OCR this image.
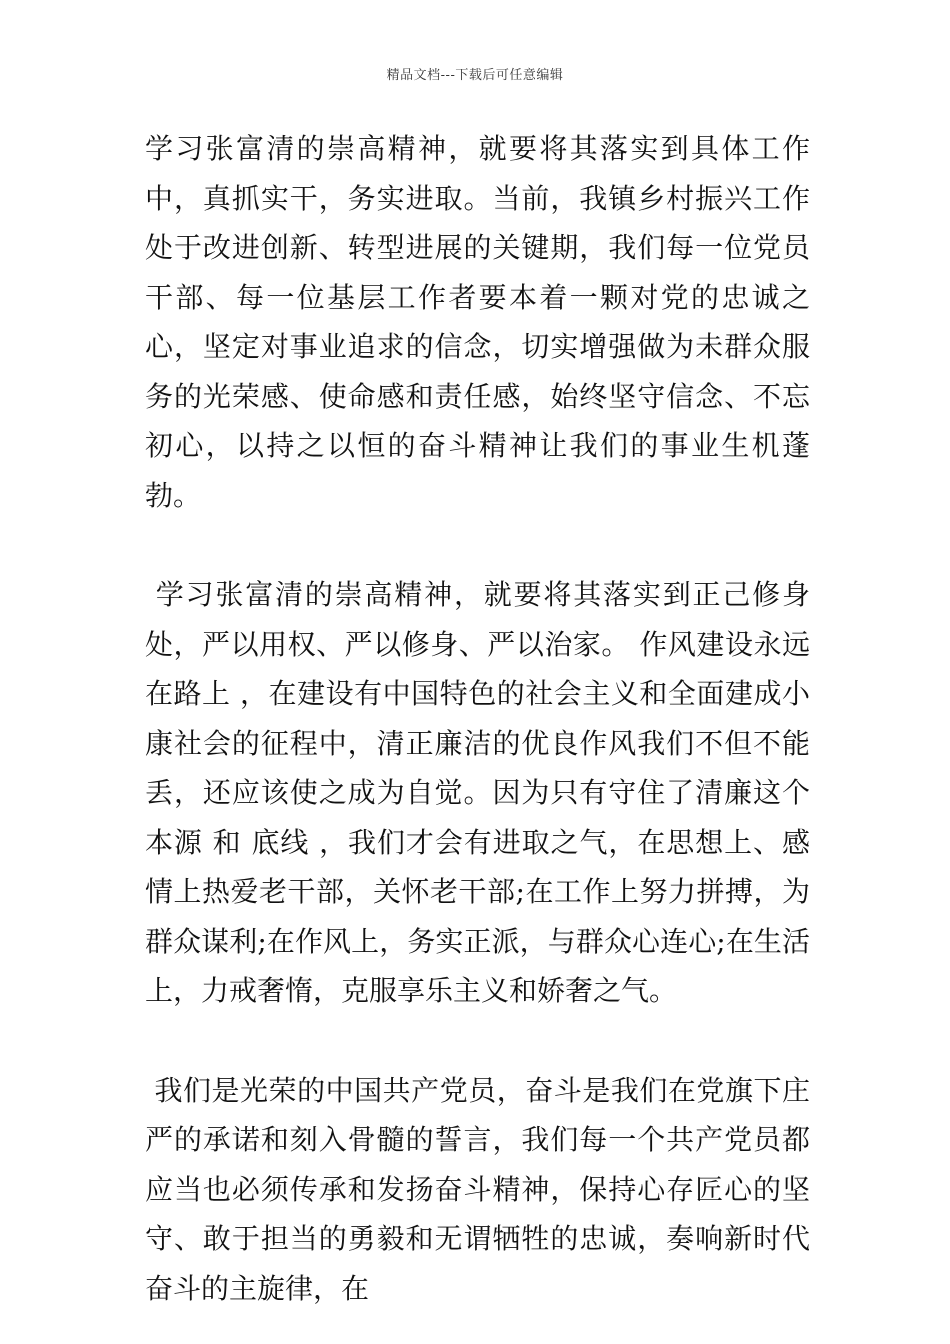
精品文档---下载后可任意编辑

学习张富清的崇高精神，就要将其落实到具体工作中，真抓实干，务实进取。当前，我镇乡村振兴工作处于改进创新、转型进展的关键期，我们每一位党员干部、每一位基层工作者要本着一颗对党的忠诚之心，坚定对事业追求的信念，切实增强做为未群众服务的光荣感、使命感和责任感，始终坚守信念、不忘初心，以持之以恒的奋斗精神让我们的事业生机蓬勃。

学习张富清的崇高精神，就要将其落实到正己修身处，严以用权、严以修身、严以治家。 作风建设永远在路上 ，在建设有中国特色的社会主义和全面建成小康社会的征程中，清正廉洁的优良作风我们不但不能丢，还应该使之成为自觉。因为只有守住了清廉这个 本源 和 底线 ，我们才会有进取之气，在思想上、感情上热爱老干部，关怀老干部;在工作上努力拼搏，为群众谋利;在作风上，务实正派，与群众心连心;在生活上，力戒奢惰，克服享乐主义和娇奢之气。

我们是光荣的中国共产党员，奋斗是我们在党旗下庄严的承诺和刻入骨髓的誓言，我们每一个共产党员都应当也必须传承和发扬奋斗精神，保持心存匠心的坚守、敢于担当的勇毅和无谓牺牲的忠诚，奏响新时代奋斗的主旋律，在
